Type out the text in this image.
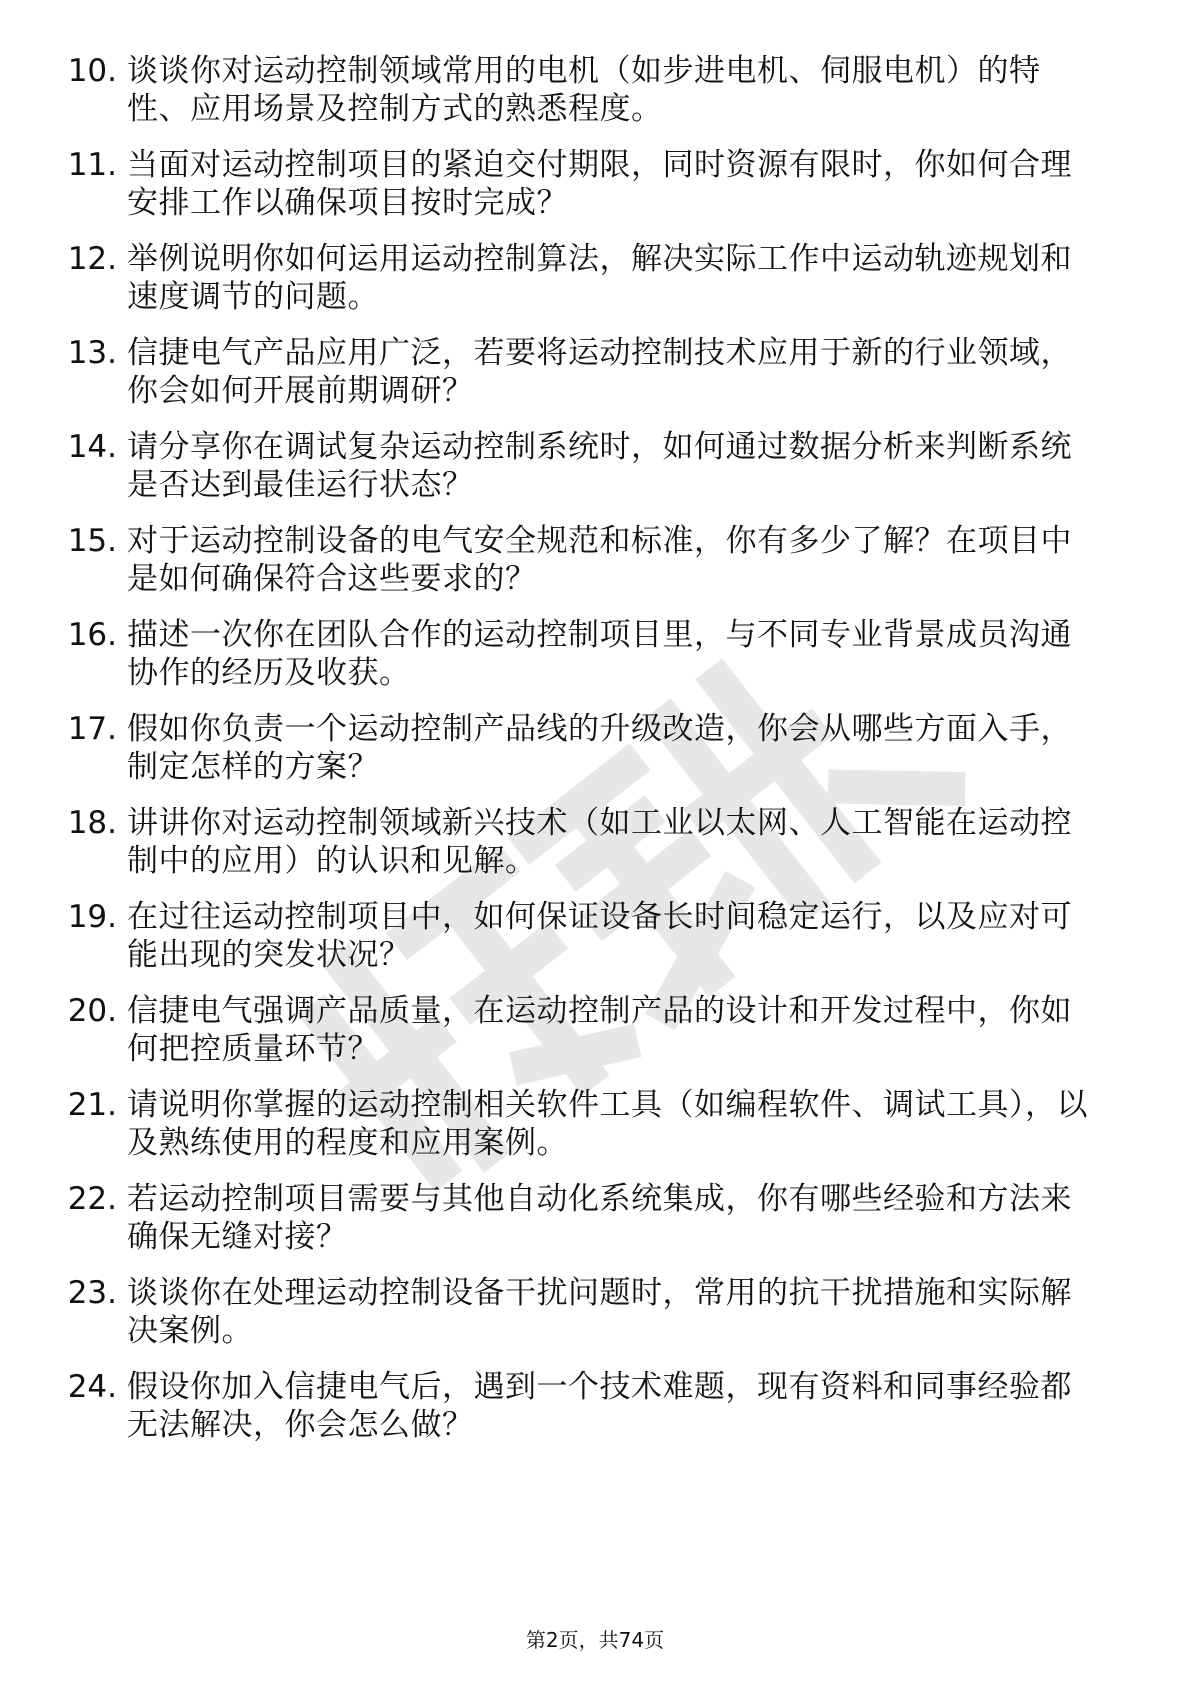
10. 谈谈你对运动控制领域常用的电机（如步进电机、伺服电机）的特性、应用场景及控制方式的熟悉程度。
11. 当面对运动控制项目的紧迫交付期限，同时资源有限时，你如何合理安排工作以确保项目按时完成？
12. 举例说明你如何运用运动控制算法，解决实际工作中运动轨迹规划和速度调节的问题。
13. 信捷电气产品应用广泛，若要将运动控制技术应用于新的行业领域，你会如何开展前期调研？
14. 请分享你在调试复杂运动控制系统时，如何通过数据分析来判断系统是否达到最佳运行状态？
15. 对于运动控制设备的电气安全规范和标准，你有多少了解？在项目中是如何确保符合这些要求的？
16. 描述一次你在团队合作的运动控制项目里，与不同专业背景成员沟通协作的经历及收获。
17. 假如你负责一个运动控制产品线的升级改造，你会从哪些方面入手，制定怎样的方案？
18. 讲讲你对运动控制领域新兴技术（如工业以太网、人工智能在运动控制中的应用）的认识和见解。
19. 在过往运动控制项目中，如何保证设备长时间稳定运行，以及应对可能出现的突发状况？
20. 信捷电气强调产品质量，在运动控制产品的设计和开发过程中，你如何把控质量环节？
21. 请说明你掌握的运动控制相关软件工具（如编程软件、调试工具），以及熟练使用的程度和应用案例。
22. 若运动控制项目需要与其他自动化系统集成，你有哪些经验和方法来确保无缝对接？
23. 谈谈你在处理运动控制设备干扰问题时，常用的抗干扰措施和实际解决案例。
24. 假设你加入信捷电气后，遇到一个技术难题，现有资料和同事经验都无法解决，你会怎么做？
第2页，共74页
